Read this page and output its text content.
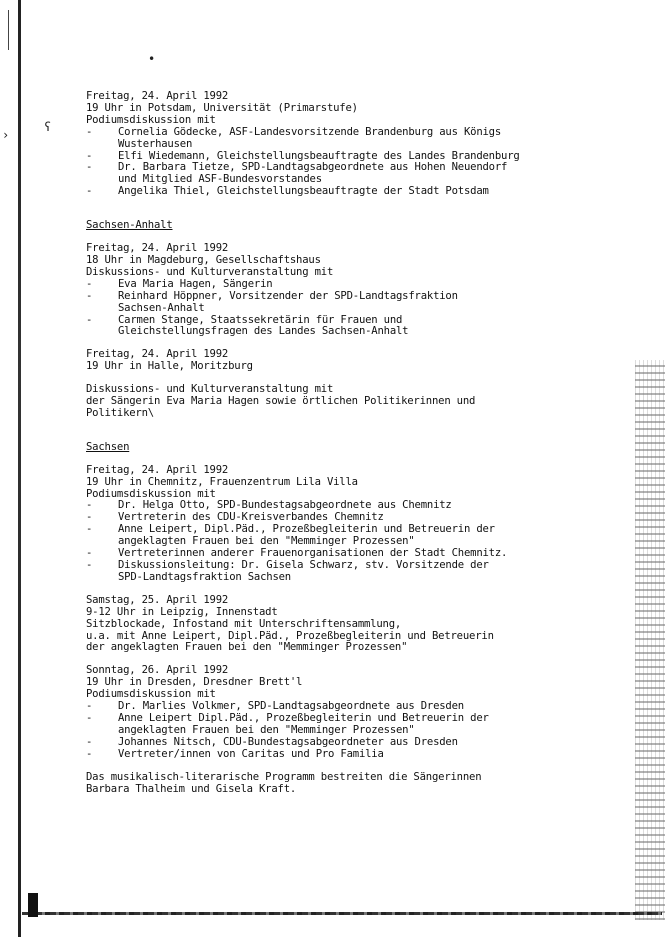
•
ʕ
›
Freitag, 24. April 1992
19 Uhr in Potsdam, Universität (Primarstufe)
Podiumsdiskussion mit
-	Cornelia Gödecke, ASF-Landesvorsitzende Brandenburg aus Königs
Wusterhausen
-	Elfi Wiedemann, Gleichstellungsbeauftragte des Landes Brandenburg
-	Dr. Barbara Tietze, SPD-Landtagsabgeordnete aus Hohen Neuendorf
und Mitglied ASF-Bundesvorstandes
-	Angelika Thiel, Gleichstellungsbeauftragte der Stadt Potsdam
Sachsen-Anhalt
Freitag, 24. April 1992
18 Uhr in Magdeburg, Gesellschaftshaus
Diskussions- und Kulturveranstaltung mit
-	Eva Maria Hagen, Sängerin
-	Reinhard Höppner, Vorsitzender der SPD-Landtagsfraktion
Sachsen-Anhalt
-	Carmen Stange, Staatssekretärin für Frauen und
Gleichstellungsfragen des Landes Sachsen-Anhalt
Freitag, 24. April 1992
19 Uhr in Halle, Moritzburg
Diskussions- und Kulturveranstaltung mit
der Sängerin Eva Maria Hagen sowie örtlichen Politikerinnen und
Politikern\
Sachsen
Freitag, 24. April 1992
19 Uhr in Chemnitz, Frauenzentrum Lila Villa
Podiumsdiskussion mit
-	Dr. Helga Otto, SPD-Bundestagsabgeordnete aus Chemnitz
-	Vertreterin des CDU-Kreisverbandes Chemnitz
-	Anne Leipert, Dipl.Päd., Prozeßbegleiterin und Betreuerin der
angeklagten Frauen bei den "Memminger Prozessen"
-	Vertreterinnen anderer Frauenorganisationen der Stadt Chemnitz.
-	Diskussionsleitung: Dr. Gisela Schwarz, stv. Vorsitzende der
SPD-Landtagsfraktion Sachsen
Samstag, 25. April 1992
9-12 Uhr in Leipzig, Innenstadt
Sitzblockade, Infostand mit Unterschriftensammlung,
u.a. mit Anne Leipert, Dipl.Päd., Prozeßbegleiterin und Betreuerin
der angeklagten Frauen bei den "Memminger Prozessen"
Sonntag, 26. April 1992
19 Uhr in Dresden, Dresdner Brett'l
Podiumsdiskussion mit
-	Dr. Marlies Volkmer, SPD-Landtagsabgeordnete aus Dresden
-	Anne Leipert Dipl.Päd., Prozeßbegleiterin und Betreuerin der
angeklagten Frauen bei den "Memminger Prozessen"
-	Johannes Nitsch, CDU-Bundestagsabgeordneter aus Dresden
-	Vertreter/innen von Caritas und Pro Familia
Das musikalisch-literarische Programm bestreiten die Sängerinnen
Barbara Thalheim und Gisela Kraft.
